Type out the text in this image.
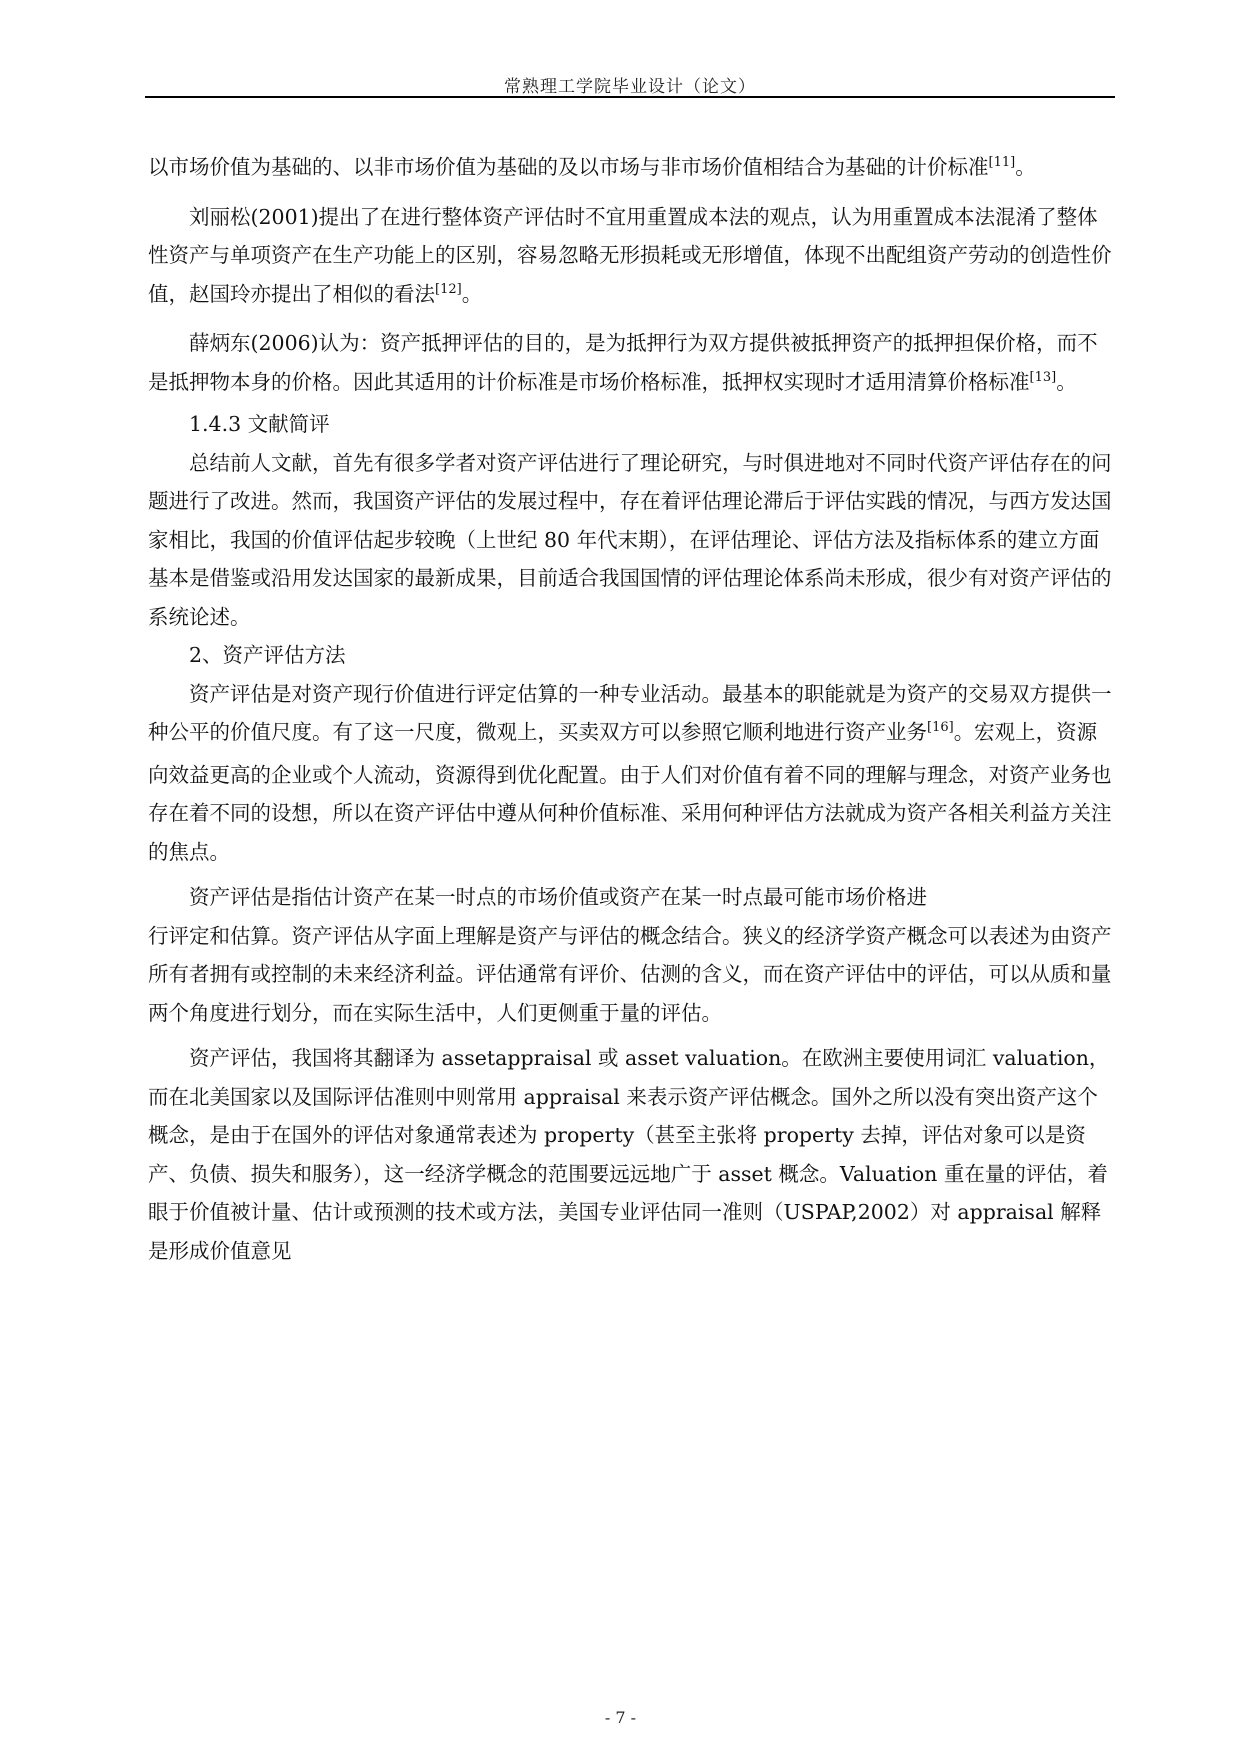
常熟理工学院毕业设计（论文）

以市场价值为基础的、以非市场价值为基础的及以市场与非市场价值相结合为基础的计价标准[11]。

刘丽松(2001)提出了在进行整体资产评估时不宜用重置成本法的观点，认为用重置成本法混淆了整体性资产与单项资产在生产功能上的区别，容易忽略无形损耗或无形增值，体现不出配组资产劳动的创造性价值，赵国玲亦提出了相似的看法[12]。

薛炳东(2006)认为：资产抵押评估的目的，是为抵押行为双方提供被抵押资产的抵押担保价格，而不是抵押物本身的价格。因此其适用的计价标准是市场价格标准，抵押权实现时才适用清算价格标准[13]。

1.4.3 文献简评

总结前人文献，首先有很多学者对资产评估进行了理论研究，与时俱进地对不同时代资产评估存在的问题进行了改进。然而，我国资产评估的发展过程中，存在着评估理论滞后于评估实践的情况，与西方发达国家相比，我国的价值评估起步较晚（上世纪 80 年代末期），在评估理论、评估方法及指标体系的建立方面基本是借鉴或沿用发达国家的最新成果，目前适合我国国情的评估理论体系尚未形成，很少有对资产评估的系统论述。

2、资产评估方法

资产评估是对资产现行价值进行评定估算的一种专业活动。最基本的职能就是为资产的交易双方提供一种公平的价值尺度。有了这一尺度，微观上，买卖双方可以参照它顺利地进行资产业务[16]。宏观上，资源向效益更高的企业或个人流动，资源得到优化配置。由于人们对价值有着不同的理解与理念，对资产业务也存在着不同的设想，所以在资产评估中遵从何种价值标准、采用何种评估方法就成为资产各相关利益方关注的焦点。

资产评估是指估计资产在某一时点的市场价值或资产在某一时点最可能市场价格进

行评定和估算。资产评估从字面上理解是资产与评估的概念结合。狭义的经济学资产概念可以表述为由资产所有者拥有或控制的未来经济利益。评估通常有评价、估测的含义，而在资产评估中的评估，可以从质和量两个角度进行划分，而在实际生活中，人们更侧重于量的评估。

资产评估，我国将其翻译为 assetappraisal 或 asset valuation。在欧洲主要使用词汇 valuation，而在北美国家以及国际评估准则中则常用 appraisal 来表示资产评估概念。国外之所以没有突出资产这个概念，是由于在国外的评估对象通常表述为 property（甚至主张将 property 去掉，评估对象可以是资产、负债、损失和服务），这一经济学概念的范围要远远地广于 asset 概念。Valuation 重在量的评估，着眼于价值被计量、估计或预测的技术或方法，美国专业评估同一准则（USPAP,2002）对 appraisal 解释是形成价值意见

- 7 -
